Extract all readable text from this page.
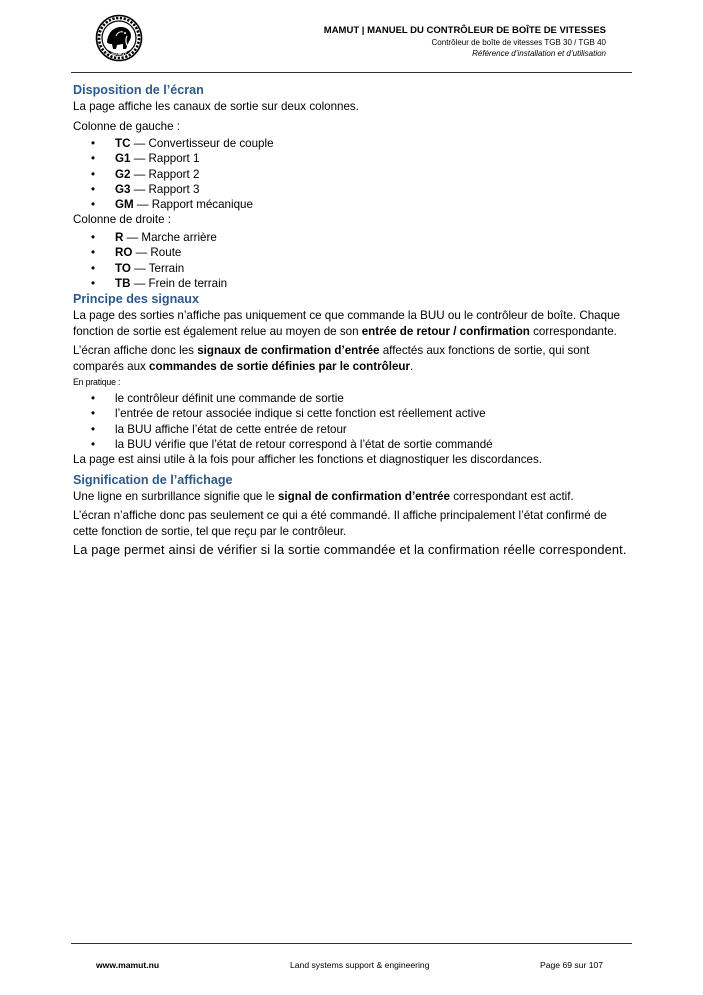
MAMUT
MAMUT | MANUEL DU CONTRÔLEUR DE BOÎTE DE VITESSES
Contrôleur de boîte de vitesses TGB 30 / TGB 40
Référence d’installation et d’utilisation
Disposition de l’écran

La page affiche les canaux de sortie sur deux colonnes.

Colonne de gauche :

• TC — Convertisseur de couple
• G1 — Rapport 1
• G2 — Rapport 2
• G3 — Rapport 3
• GM — Rapport mécanique

Colonne de droite :

• R — Marche arrière
• RO — Route
• TO — Terrain
• TB — Frein de terrain
Principe des signaux

La page des sorties n’affiche pas uniquement ce que commande la BUU ou le contrôleur de boîte. Chaque fonction de sortie est également relue au moyen de son entrée de retour / confirmation correspondante.

L’écran affiche donc les signaux de confirmation d’entrée affectés aux fonctions de sortie, qui sont comparés aux commandes de sortie définies par le contrôleur.

En pratique :

• le contrôleur définit une commande de sortie
• l’entrée de retour associée indique si cette fonction est réellement active
• la BUU affiche l’état de cette entrée de retour
• la BUU vérifie que l’état de retour correspond à l’état de sortie commandé

La page est ainsi utile à la fois pour afficher les fonctions et diagnostiquer les discordances.

Signification de l’affichage

Une ligne en surbrillance signifie que le signal de confirmation d’entrée correspondant est actif.

L’écran n’affiche donc pas seulement ce qui a été commandé. Il affiche principalement l’état confirmé de cette fonction de sortie, tel que reçu par le contrôleur.

La page permet ainsi de vérifier si la sortie commandée et la confirmation réelle correspondent.

www.mamut.nu	Land systems support & engineering	Page 69 sur 107
